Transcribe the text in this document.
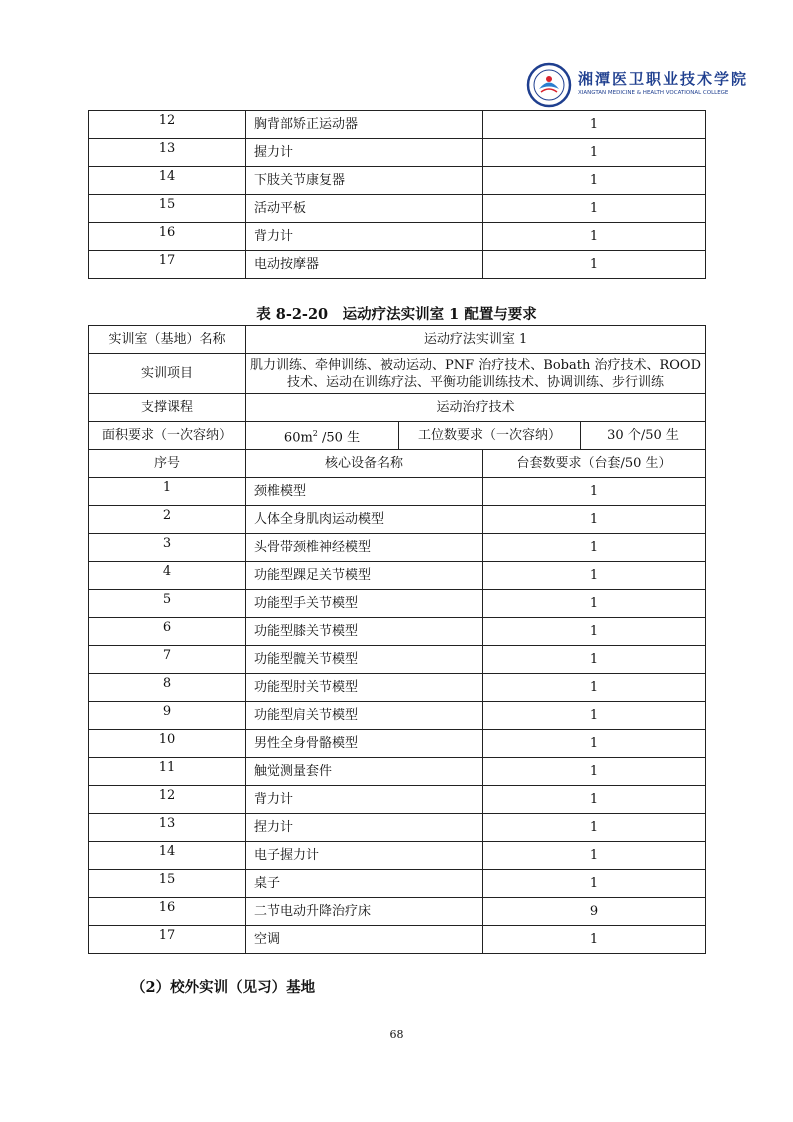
湘潭医卫职业技术学院
XIANGTAN MEDICINE & HEALTH VOCATIONAL COLLEGE
12	胸背部矫正运动器	1
13	握力计	1
14	下肢关节康复器	1
15	活动平板	1
16	背力计	1
17	电动按摩器	1
表 8-2-20　运动疗法实训室 1 配置与要求
实训室（基地）名称	运动疗法实训室 1			
实训项目	肌力训练、牵伸训练、被动运动、PNF 治疗技术、Bobath 治疗技术、ROOD 技术、运动在训练疗法、平衡功能训练技术、协调训练、步行训练			
支撑课程	运动治疗技术			
面积要求（一次容纳）	$60m^2$ /50 生	工位数要求（一次容纳）		30 个/50 生
序号	核心设备名称		台套数要求（台套/50 生）	
1	颈椎模型		1	
2	人体全身肌肉运动模型		1	
3	头骨带颈椎神经模型		1	
4	功能型踝足关节模型		1	
5	功能型手关节模型		1	
6	功能型膝关节模型		1	
7	功能型髋关节模型		1	
8	功能型肘关节模型		1	
9	功能型肩关节模型		1	
10	男性全身骨骼模型		1	
11	触觉测量套件		1	
12	背力计		1	
13	捏力计		1	
14	电子握力计		1	
15	桌子		1	
16	二节电动升降治疗床		9	
17	空调		1	
（2）校外实训（见习）基地
68
